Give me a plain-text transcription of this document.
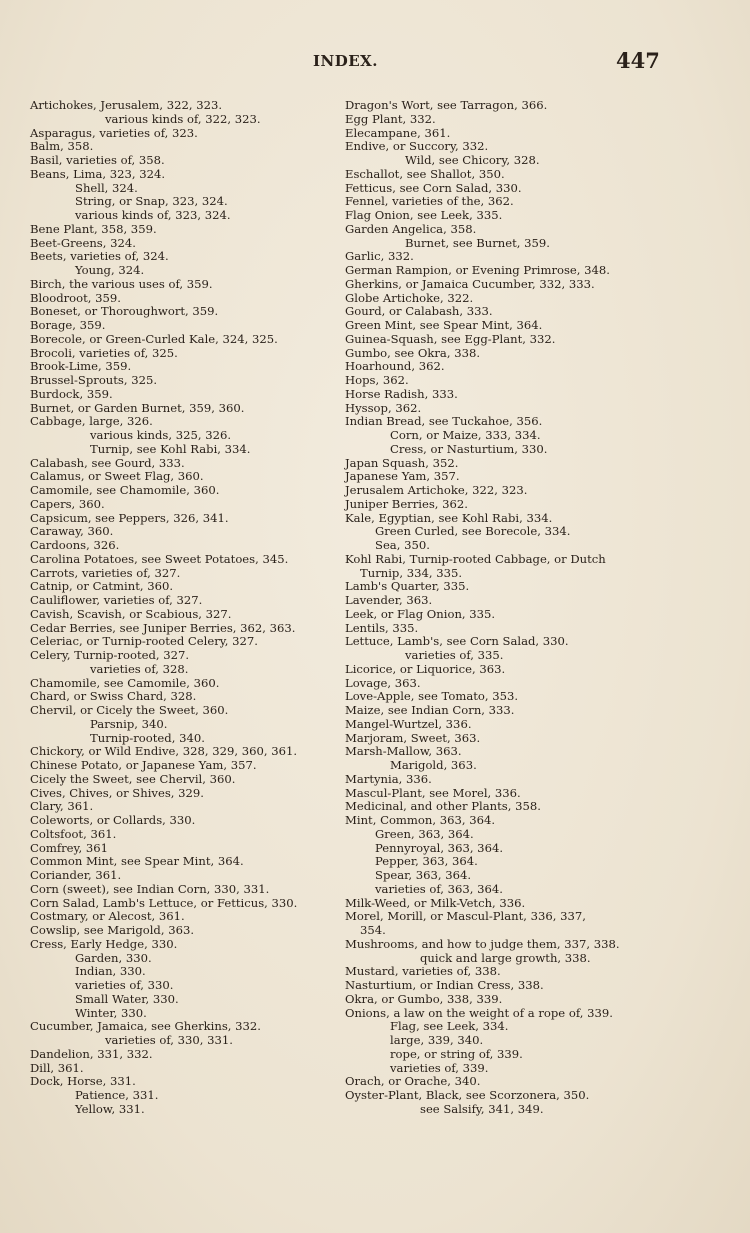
INDEX.	447
Artichokes, Jerusalem, 322, 323.
various kinds of, 322, 323.
Asparagus, varieties of, 323.
Balm, 358.
Basil, varieties of, 358.
Beans, Lima, 323, 324.
Shell, 324.
String, or Snap, 323, 324.
various kinds of, 323, 324.
Bene Plant, 358, 359.
Beet-Greens, 324.
Beets, varieties of, 324.
Young, 324.
Birch, the various uses of, 359.
Bloodroot, 359.
Boneset, or Thoroughwort, 359.
Borage, 359.
Borecole, or Green-Curled Kale, 324, 325.
Brocoli, varieties of, 325.
Brook-Lime, 359.
Brussel-Sprouts, 325.
Burdock, 359.
Burnet, or Garden Burnet, 359, 360.
Cabbage, large, 326.
various kinds, 325, 326.
Turnip, see Kohl Rabi, 334.
Calabash, see Gourd, 333.
Calamus, or Sweet Flag, 360.
Camomile, see Chamomile, 360.
Capers, 360.
Capsicum, see Peppers, 326, 341.
Caraway, 360.
Cardoons, 326.
Carolina Potatoes, see Sweet Potatoes, 345.
Carrots, varieties of, 327.
Catnip, or Catmint, 360.
Cauliflower, varieties of, 327.
Cavish, Scavish, or Scabious, 327.
Cedar Berries, see Juniper Berries, 362, 363.
Celeriac, or Turnip-rooted Celery, 327.
Celery, Turnip-rooted, 327.
varieties of, 328.
Chamomile, see Camomile, 360.
Chard, or Swiss Chard, 328.
Chervil, or Cicely the Sweet, 360.
Parsnip, 340.
Turnip-rooted, 340.
Chickory, or Wild Endive, 328, 329, 360, 361.
Chinese Potato, or Japanese Yam, 357.
Cicely the Sweet, see Chervil, 360.
Cives, Chives, or Shives, 329.
Clary, 361.
Coleworts, or Collards, 330.
Coltsfoot, 361.
Comfrey, 361
Common Mint, see Spear Mint, 364.
Coriander, 361.
Corn (sweet), see Indian Corn, 330, 331.
Corn Salad, Lamb's Lettuce, or Fetticus, 330.
Costmary, or Alecost, 361.
Cowslip, see Marigold, 363.
Cress, Early Hedge, 330.
Garden, 330.
Indian, 330.
varieties of, 330.
Small Water, 330.
Winter, 330.
Cucumber, Jamaica, see Gherkins, 332.
varieties of, 330, 331.
Dandelion, 331, 332.
Dill, 361.
Dock, Horse, 331.
Patience, 331.
Yellow, 331.
Dragon's Wort, see Tarragon, 366.
Egg Plant, 332.
Elecampane, 361.
Endive, or Succory, 332.
Wild, see Chicory, 328.
Eschallot, see Shallot, 350.
Fetticus, see Corn Salad, 330.
Fennel, varieties of the, 362.
Flag Onion, see Leek, 335.
Garden Angelica, 358.
Burnet, see Burnet, 359.
Garlic, 332.
German Rampion, or Evening Primrose, 348.
Gherkins, or Jamaica Cucumber, 332, 333.
Globe Artichoke, 322.
Gourd, or Calabash, 333.
Green Mint, see Spear Mint, 364.
Guinea-Squash, see Egg-Plant, 332.
Gumbo, see Okra, 338.
Hoarhound, 362.
Hops, 362.
Horse Radish, 333.
Hyssop, 362.
Indian Bread, see Tuckahoe, 356.
Corn, or Maize, 333, 334.
Cress, or Nasturtium, 330.
Japan Squash, 352.
Japanese Yam, 357.
Jerusalem Artichoke, 322, 323.
Juniper Berries, 362.
Kale, Egyptian, see Kohl Rabi, 334.
Green Curled, see Borecole, 334.
Sea, 350.
Kohl Rabi, Turnip-rooted Cabbage, or Dutch
Turnip, 334, 335.
Lamb's Quarter, 335.
Lavender, 363.
Leek, or Flag Onion, 335.
Lentils, 335.
Lettuce, Lamb's, see Corn Salad, 330.
varieties of, 335.
Licorice, or Liquorice, 363.
Lovage, 363.
Love-Apple, see Tomato, 353.
Maize, see Indian Corn, 333.
Mangel-Wurtzel, 336.
Marjoram, Sweet, 363.
Marsh-Mallow, 363.
Marigold, 363.
Martynia, 336.
Mascul-Plant, see Morel, 336.
Medicinal, and other Plants, 358.
Mint, Common, 363, 364.
Green, 363, 364.
Pennyroyal, 363, 364.
Pepper, 363, 364.
Spear, 363, 364.
varieties of, 363, 364.
Milk-Weed, or Milk-Vetch, 336.
Morel, Morill, or Mascul-Plant, 336, 337,
354.
Mushrooms, and how to judge them, 337, 338.
quick and large growth, 338.
Mustard, varieties of, 338.
Nasturtium, or Indian Cress, 338.
Okra, or Gumbo, 338, 339.
Onions, a law on the weight of a rope of, 339.
Flag, see Leek, 334.
large, 339, 340.
rope, or string of, 339.
varieties of, 339.
Orach, or Orache, 340.
Oyster-Plant, Black, see Scorzonera, 350.
see Salsify, 341, 349.
